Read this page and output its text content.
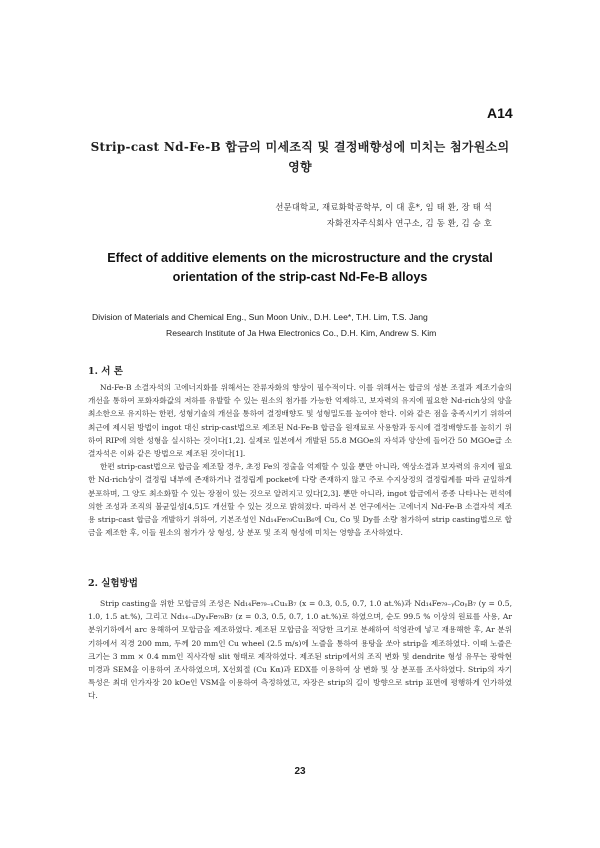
A14
Strip-cast Nd-Fe-B 합금의 미세조직 및 결정배향성에 미치는 첨가원소의
영향
선문대학교, 재료화학공학부, 이 대 훈*, 임 태 환, 장 태 석
자화전자주식회사 연구소, 김 동 환, 김 승 호
Effect of additive elements on the microstructure and the crystal
orientation of the strip-cast Nd-Fe-B alloys
Division of Materials and Chemical Eng., Sun Moon Univ., D.H. Lee*, T.H. Lim, T.S. Jang
Research Institute of Ja Hwa Electronics Co., D.H. Kim, Andrew S. Kim
1. 서 론

Nd-Fe-B 소결자석의 고에너지화를 위해서는 잔류자화의 향상이 필수적이다. 이를 위해서는 합금의 성분 조절과 제조기술의 개선을 통하여 포화자화값의 저하를 유발할 수 있는 원소의 첨가를 가능한 억제하고, 보자력의 유지에 필요한 Nd-rich상의 양을 최소한으로 유지하는 한편, 성형기술의 개선을 통하여 결정배향도 및 성형밀도를 높여야 한다. 이와 같은 점을 충족시키기 위하여 최근에 제시된 방법이 ingot 대신 strip-cast법으로 제조된 Nd-Fe-B 합금을 원재료로 사용함과 동시에 결정배향도를 높히기 위하여 RIP에 의한 성형을 실시하는 것이다[1,2]. 실제로 일본에서 개발된 55.8 MGOe의 자석과 양산에 들어간 50 MGOe급 소결자석은 이와 같은 방법으로 제조된 것이다[1].

한편 strip-cast법으로 합금을 제조할 경우, 초정 Fe의 정출을 억제할 수 있을 뿐만 아니라, 액상소결과 보자력의 유지에 필요한 Nd-rich상이 결정립 내부에 존재하거나 결정립계 pocket에 다량 존재하지 않고 주로 수지상정의 결정립계를 따라 균일하게 분포하며, 그 양도 최소화할 수 있는 장점이 있는 것으로 알려지고 있다[2,3]. 뿐만 아니라, ingot 합금에서 종종 나타나는 편석에 의한 조성과 조직의 불균일성[4,5]도 개선할 수 있는 것으로 밝혀졌다. 따라서 본 연구에서는 고에너지 Nd-Fe-B 소결자석 제조용 strip-cast 합금을 개발하기 위하여, 기본조성인 Nd₁₄Fe₇₉Cu₁B₆에 Cu, Co 및 Dy를 소량 첨가하여 strip casting법으로 합금을 제조한 후, 이들 원소의 첨가가 상 형성, 상 분포 및 조직 형성에 미치는 영향을 조사하였다.

2. 실험방법

Strip casting을 위한 모합금의 조성은 Nd₁₄Fe₇₉₋ₓCuₓB₇ (x = 0.3, 0.5, 0.7, 1.0 at.%)과 Nd₁₄Fe₇₉₋ᵧCoᵧB₇ (y = 0.5, 1.0, 1.5 at.%), 그리고 Nd₁₄₋ᵤDyᵤFe₇₉B₇ (z = 0.3, 0.5, 0.7, 1.0 at.%)로 하였으며, 순도 99.5 % 이상의 원료를 사용, Ar 분위기하에서 arc 용해하여 모합금을 제조하였다. 제조된 모합금을 적당한 크기로 분쇄하여 석영관에 넣고 재용해한 후, Ar 분위기하에서 직경 200 mm, 두께 20 mm인 Cu wheel (2.5 m/s)에 노즐을 통하여 용탕을 쏘아 strip을 제조하였다. 이때 노즐은 크기는 3 mm × 0.4 mm인 직사각형 slit 형태로 제작하였다. 제조된 strip에서의 조직 변화 및 dendrite 형성 유무는 광학현미경과 SEM을 이용하여 조사하였으며, X선회절 (Cu Kα)과 EDX를 이용하여 상 변화 및 상 분포를 조사하였다. Strip의 자기특성은 최대 인가자장 20 kOe인 VSM을 이용하여 측정하였고, 자장은 strip의 길이 방향으로 strip 표면에 평행하게 인가하였다.

23
